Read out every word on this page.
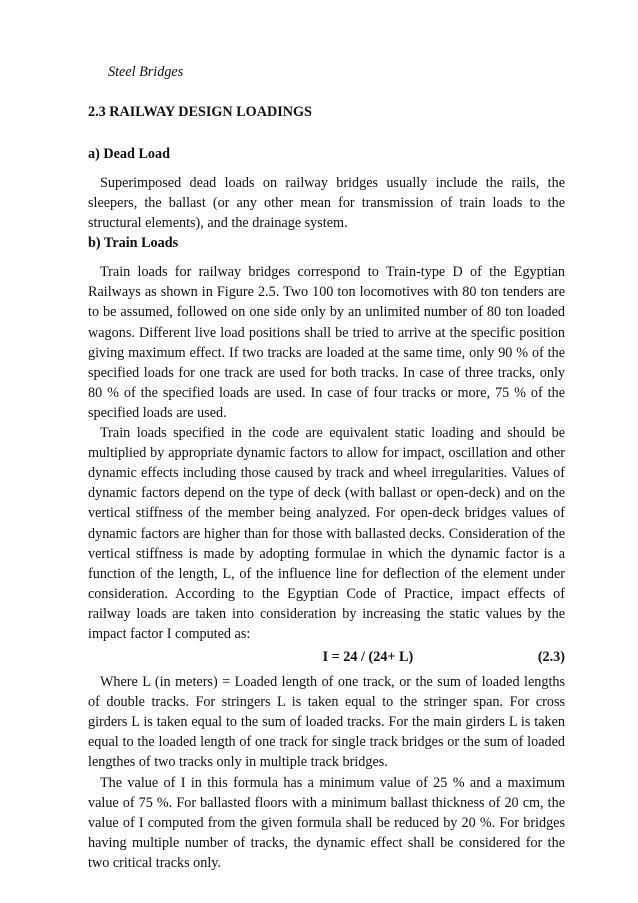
Steel Bridges
2.3 RAILWAY DESIGN LOADINGS
a) Dead Load

Superimposed dead loads on railway bridges usually include the rails, the sleepers, the ballast (or any other mean for transmission of train loads to the structural elements), and the drainage system.

b) Train Loads

Train loads for railway bridges correspond to Train-type D of the Egyptian Railways as shown in Figure 2.5. Two 100 ton locomotives with 80 ton tenders are to be assumed, followed on one side only by an unlimited number of 80 ton loaded wagons. Different live load positions shall be tried to arrive at the specific position giving maximum effect. If two tracks are loaded at the same time, only 90 % of the specified loads for one track are used for both tracks. In case of three tracks, only 80 % of the specified loads are used. In case of four tracks or more, 75 % of the specified loads are used.

Train loads specified in the code are equivalent static loading and should be multiplied by appropriate dynamic factors to allow for impact, oscillation and other dynamic effects including those caused by track and wheel irregularities. Values of dynamic factors depend on the type of deck (with ballast or open-deck) and on the vertical stiffness of the member being analyzed. For open-deck bridges values of dynamic factors are higher than for those with ballasted decks. Consideration of the vertical stiffness is made by adopting formulae in which the dynamic factor is a function of the length, L, of the influence line for deflection of the element under consideration. According to the Egyptian Code of Practice, impact effects of railway loads are taken into consideration by increasing the static values by the impact factor I computed as:

I = 24 / (24+ L)	(2.3)

Where L (in meters) = Loaded length of one track, or the sum of loaded lengths of double tracks. For stringers L is taken equal to the stringer span. For cross girders L is taken equal to the sum of loaded tracks. For the main girders L is taken equal to the loaded length of one track for single track bridges or the sum of loaded lengthes of two tracks only in multiple track bridges.

The value of I in this formula has a minimum value of 25 % and a maximum value of 75 %. For ballasted floors with a minimum ballast thickness of 20 cm, the value of I computed from the given formula shall be reduced by 20 %. For bridges having multiple number of tracks, the dynamic effect shall be considered for the two critical tracks only.
